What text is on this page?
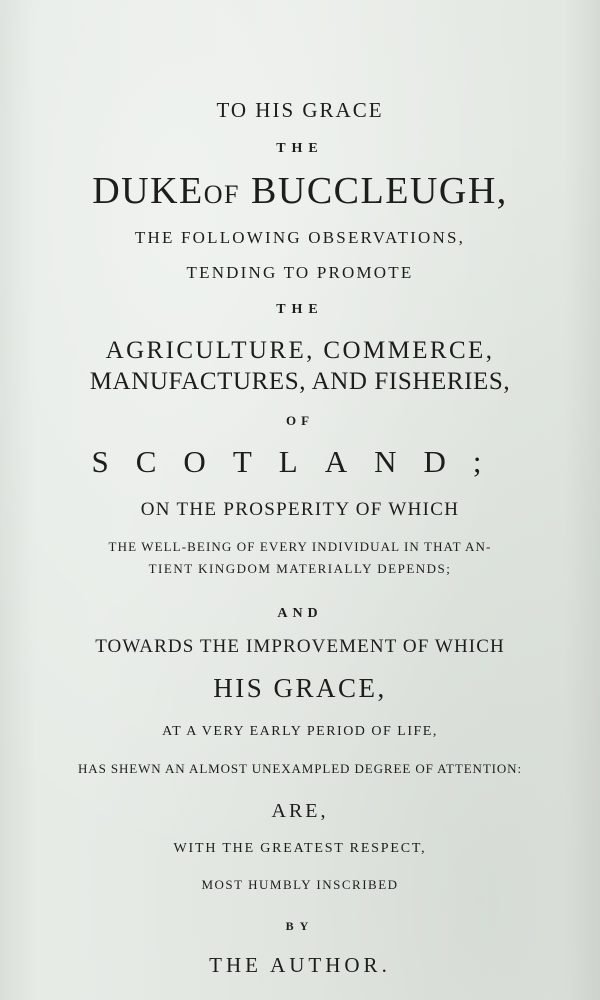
TO HIS GRACE
THE
DUKEOF BUCCLEUGH,
THE FOLLOWING OBSERVATIONS,
TENDING TO PROMOTE
THE
AGRICULTURE, COMMERCE,
MANUFACTURES, AND FISHERIES,
OF
SCOTLAND;
ON THE PROSPERITY OF WHICH
THE WELL-BEING OF EVERY INDIVIDUAL IN THAT AN-
TIENT KINGDOM MATERIALLY DEPENDS;
AND
TOWARDS THE IMPROVEMENT OF WHICH
HIS GRACE,
AT A VERY EARLY PERIOD OF LIFE,
HAS SHEWN AN ALMOST UNEXAMPLED DEGREE OF ATTENTION:
ARE,
WITH THE GREATEST RESPECT,
MOST HUMBLY INSCRIBED
BY
THE AUTHOR.
